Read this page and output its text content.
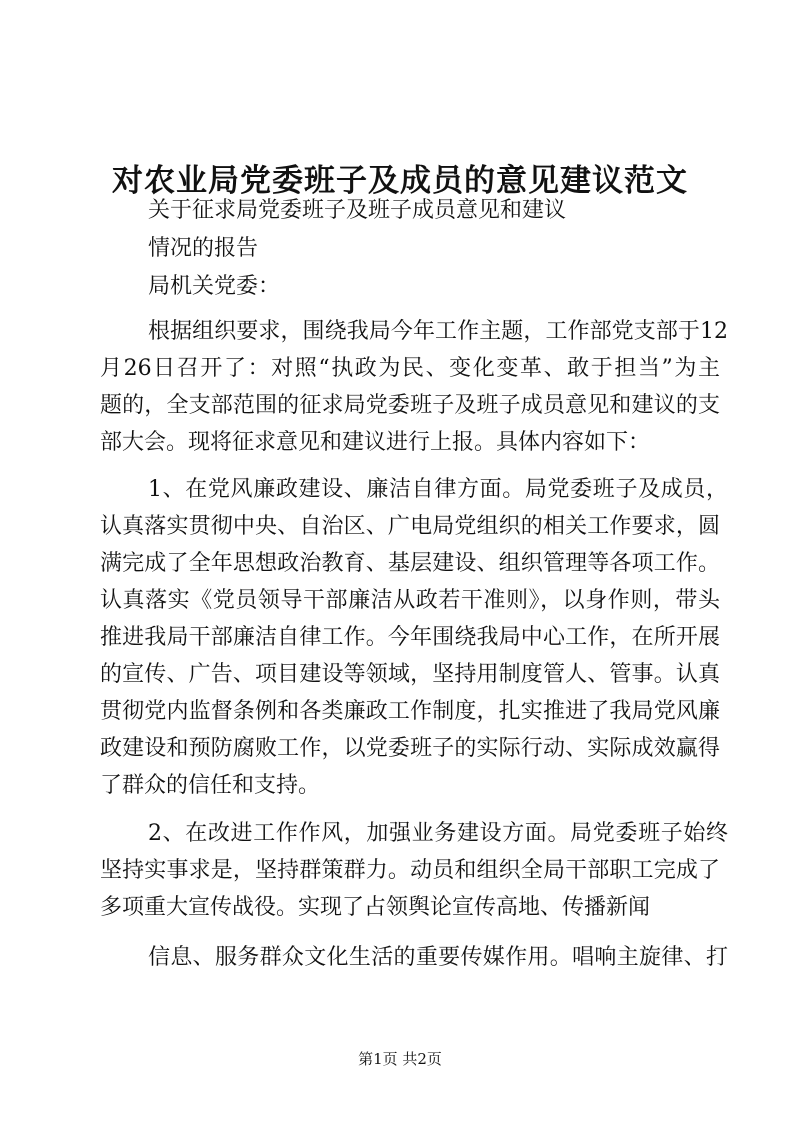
对农业局党委班子及成员的意见建议范文
关于征求局党委班子及班子成员意见和建议
情况的报告
局机关党委：
根据组织要求，围绕我局今年工作主题，工作部党支部于12
月26日召开了：对照“执政为民、变化变革、敢于担当”为主
题的，全支部范围的征求局党委班子及班子成员意见和建议的支
部大会。现将征求意见和建议进行上报。具体内容如下：
1、在党风廉政建设、廉洁自律方面。局党委班子及成员，
认真落实贯彻中央、自治区、广电局党组织的相关工作要求，圆
满完成了全年思想政治教育、基层建设、组织管理等各项工作。
认真落实《党员领导干部廉洁从政若干准则》，以身作则，带头
推进我局干部廉洁自律工作。今年围绕我局中心工作，在所开展
的宣传、广告、项目建设等领域，坚持用制度管人、管事。认真
贯彻党内监督条例和各类廉政工作制度，扎实推进了我局党风廉
政建设和预防腐败工作，以党委班子的实际行动、实际成效赢得
了群众的信任和支持。
2、在改进工作作风，加强业务建设方面。局党委班子始终
坚持实事求是，坚持群策群力。动员和组织全局干部职工完成了
多项重大宣传战役。实现了占领舆论宣传高地、传播新闻
信息、服务群众文化生活的重要传媒作用。唱响主旋律、打
第1页 共2页
